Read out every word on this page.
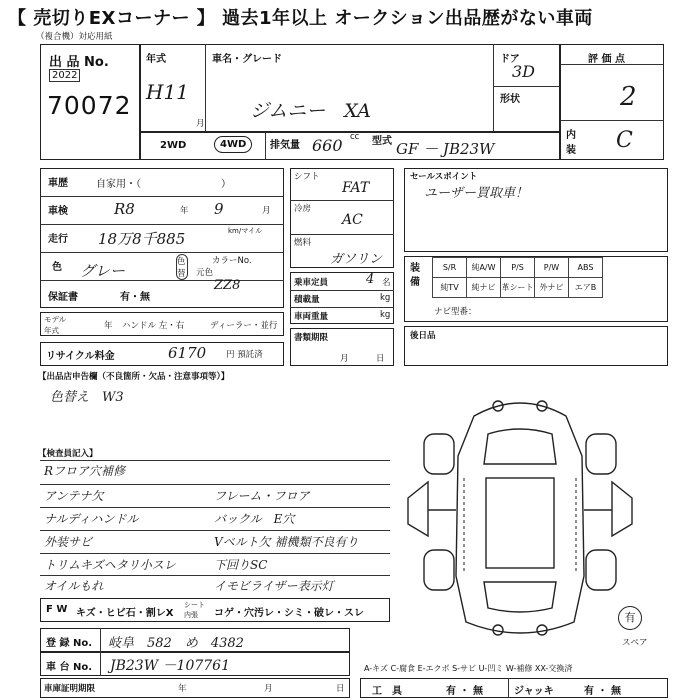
【 売切りEXコーナー 】 過去1年以上 オークション出品歴がない車両
（複合機）対応用紙
出 品 No.
2022
70072
年式
H11
月
車名・グレード
ジムニー　XA
ドア
3D
形状
評 価 点
2
内装 C
2WD	4WD	排気量 660 cc 型式 GF － JB23W
車歴	自家用・（　　　　　　　　）
車検	R8	年 9	月
走行 18万8千885	km/マイル
色 グレー	色替
カラーNo.
元色
ZZ8
保証書	有・無
モデル年式	年 ハンドル 左・右	ディーラー・並行
リサイクル料金	6170 円 預託済
シフト
FAT
冷房
AC
燃料
ガソリン
乗車定員	4 名
積載量	kg
車両重量	kg
書類期限
月	日
セールスポイント
ユーザー買取車！
装備
S/R	純A/W	P/S	P/W	ABS
純TV	純ナビ	革シート	外ナビ	エアB
ナビ型番：
後日品
【出品店申告欄（不良箇所・欠品・注意事項等）】
色替え　W3
【検査員記入】
Rフロア穴補修
アンテナ欠	フレーム・フロア
ナルディハンドル	バックル　E穴
外装サビ	Vベルト欠 補機類不良有り
トリムキズヘタリ小スレ	下回りSC
オイルもれ	イモビライザー表示灯
F W キズ・ヒビ石・割レX
シート内張	コゲ・穴汚レ・シミ・破レ・スレ
登 録 No. 岐阜　582　め　4382
車 台 No. JB23W －107761
車庫証明期限	年	月	日
A-キズ C-腐食 E-エクボ S-サビ U-凹ミ W-補修 XX-交換済
工　具	有 ・ 無	ジャッキ	有 ・ 無
有
スペア
